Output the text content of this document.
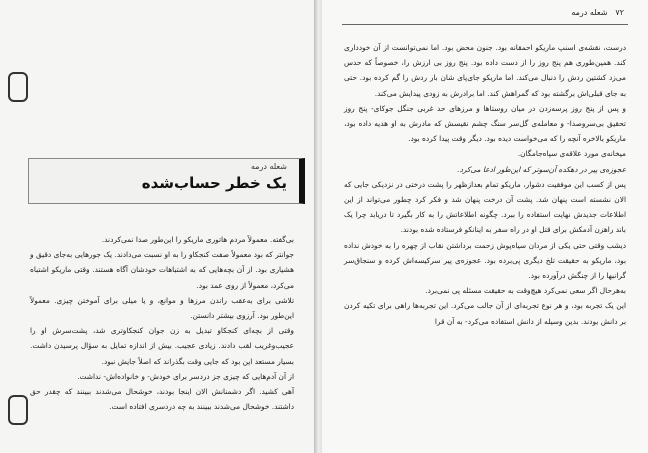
شعله درمه
یک خطر حساب‌شده

بی‌گفته. معمولاً مردم هاتوری ماریکو را این‌طور صدا نمی‌کردند.

جوانتر که بود معمولاً صفت کنجکاو را به او نسبت می‌دادند. یک جورهایی به‌جای دقیق و هشیاری بود. از آن بچه‌هایی که به اشتباهات خودشان آگاه هستند. وقتی ماریکو اشتباه می‌کرد، معمولاً از روی عمد بود.

تلاشی برای به‌عقب راندن مرزها و موانع، و یا میلی برای آموختن چیزی. معمولاً این‌طور بود. آرزوی بیشتر دانستن.

وقتی از بچه‌ای کنجکاو تبدیل به زن جوان کنجکاوتری شد، پشت‌سرش او را عجیب‌وغریب لقب دادند. زیادی عجیب. بیش از اندازه تمایل به سؤال پرسیدن داشت. بسیار مستعد این بود که جایی وقت بگذراند که اصلاً جایش نبود.

از آن آدم‌هایی که چیزی جز دردسر برای خودش- و خانواده‌اش- نداشت.

آهی کشید. اگر دشمنانش الان اینجا بودند، خوشحال می‌شدند ببینند که چقدر حق داشتند. خوشحال می‌شدند ببینند به چه دردسری افتاده است.

۷۲
شعله درمه

درست، نقشه‌ی اسنپ ماریکو احمقانه بود. جنون محض بود. اما نمی‌توانست از آن خودداری کند. همین‌طوری هم پنج روز را از دست داده بود. پنج روز بی ارزش را، خصوصاً که حدس می‌زد کشتین ردش را دنبال می‌کند. اما ماریکو جای‌پای شان بار ردش را گم کرده بود. حتی به جای قبلی‌اش برگشته بود که گمراهش کند. اما برادرش به زودی پیدایش می‌کند.

و پس از پنج روز پرسه‌زدن در میان روستاها و مرزهای حد غربی جنگل جوکای- پنج روز تحقیق بی‌سروصدا- و معامله‌ی گل‌سر سنگ چشم نقیسش که مادرش به او هدیه داده بود، ماریکو بالاخره آنچه را که می‌خواست دیده بود. دیگر وقت پیدا کرده بود.

میخانه‌ی مورد علاقه‌ی سپاه‌جامگان.

عجوزه‌ی پیر در دهکده آن‌سوتر که این‌طور ادعا می‌کرد.

پس از کسب این موفقیت دشوار، ماریکو تمام بعدازظهر را پشت درختی در نزدیکی جایی که الان نشسته است پنهان شد. پشت آن درخت پنهان شد و فکر کرد چطور می‌تواند از این اطلاعات جدیدش نهایت استفاده را ببرد. چگونه اطلاعاتش را به کار بگیرد تا دریابد چرا یک باند راهزن آدمکش برای قتل او در راه سفر به اینانکو فرستاده شده بودند.

دیشب وقتی حتی یکی از مردان سیاه‌پوش زحمت برداشتن نقاب از چهره را به خودش نداده بود، ماریکو به حقیقت تلخ دیگری پی‌برده بود. عجوزه‌ی پیر سرکیسه‌اش کرده و سنجاق‌سر گرانبها را از چنگش درآورده بود.

به‌هرحال اگر سعی نمی‌کرد هیچ‌وقت به حقیقت مسئله پی نمی‌برد.

این یک تجربه بود، و هر نوع تجربه‌ای از آن جالب می‌کرد. این تجربه‌ها راهی برای تکیه کردن بر دانش بودند. بدین وسیله از دانش استفاده می‌کرد- به آن قرا
